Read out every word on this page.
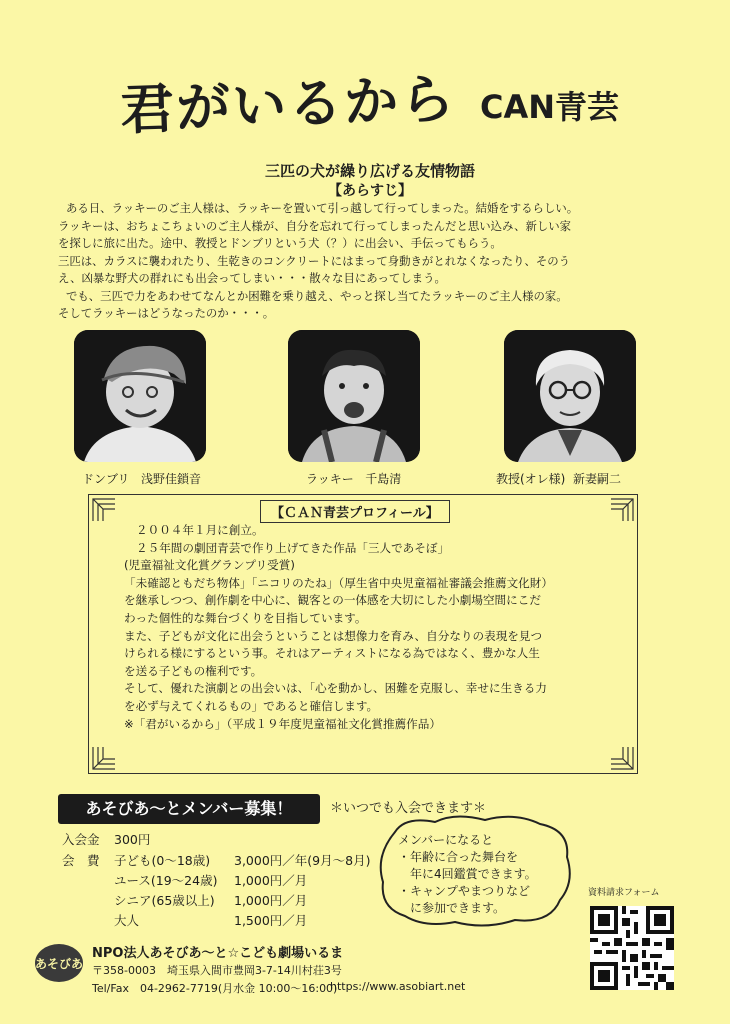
君がいるから CAN青芸
三匹の犬が繰り広げる友情物語
【あらすじ】

ある日、ラッキーのご主人様は、ラッキーを置いて引っ越して行ってしまった。結婚をするらしい。

ラッキーは、おちょこちょいのご主人様が、自分を忘れて行ってしまったんだと思い込み、新しい家

を探しに旅に出た。途中、教授とドンブリという犬（？）に出会い、手伝ってもらう。

三匹は、カラスに襲われたり、生乾きのコンクリートにはまって身動きがとれなくなったり、そのう

え、凶暴な野犬の群れにも出会ってしまい・・・散々な目にあってしまう。

でも、三匹で力をあわせてなんとか困難を乗り越え、やっと探し当てたラッキーのご主人様の家。

そしてラッキーはどうなったのか・・・。

ドンブリ 浅野佳鎖音	ラッキー 千島清	教授(オレ様) 新妻嗣二
【ＣＡＮ青芸プロフィール】
２００４年１月に創立。
２５年間の劇団青芸で作り上げてきた作品「三人であそぼ」
(児童福祉文化賞グランプリ受賞)
「未確認ともだち物体」「ニコリのたね」（厚生省中央児童福祉審議会推薦文化財）
を継承しつつ、創作劇を中心に、観客との一体感を大切にした小劇場空間にこだ
わった個性的な舞台づくりを目指しています。
また、子どもが文化に出会うということは想像力を育み、自分なりの表現を見つ
けられる様にするという事。それはアーティストになる為ではなく、豊かな人生
を送る子どもの権利です。
そして、優れた演劇との出会いは、「心を動かし、困難を克服し、幸せに生きる力
を必ず与えてくれるもの」であると確信します。
※「君がいるから」（平成１９年度児童福祉文化賞推薦作品）
あそびあ～とメンバー募集！	＊いつでも入会できます＊
入会金 300円
会　費 子ども(0～18歳) 3,000円／年(9月～8月)
ユース(19～24歳) 1,000円／月
シニア(65歳以上) 1,000円／月
大人	1,500円／月
メンバーになると
・年齢に合った舞台を
　年に4回鑑賞できます。
・キャンプやまつりなど
　に参加できます。
資料請求フォーム
あそびあ
NPO法人あそびあ～と☆こども劇場いるま
〒358-0003　埼玉県入間市豊岡3-7-14川村荘3号
Tel/Fax　04-2962-7719(月水金 10:00～16:00)
https://www.asobiart.net
